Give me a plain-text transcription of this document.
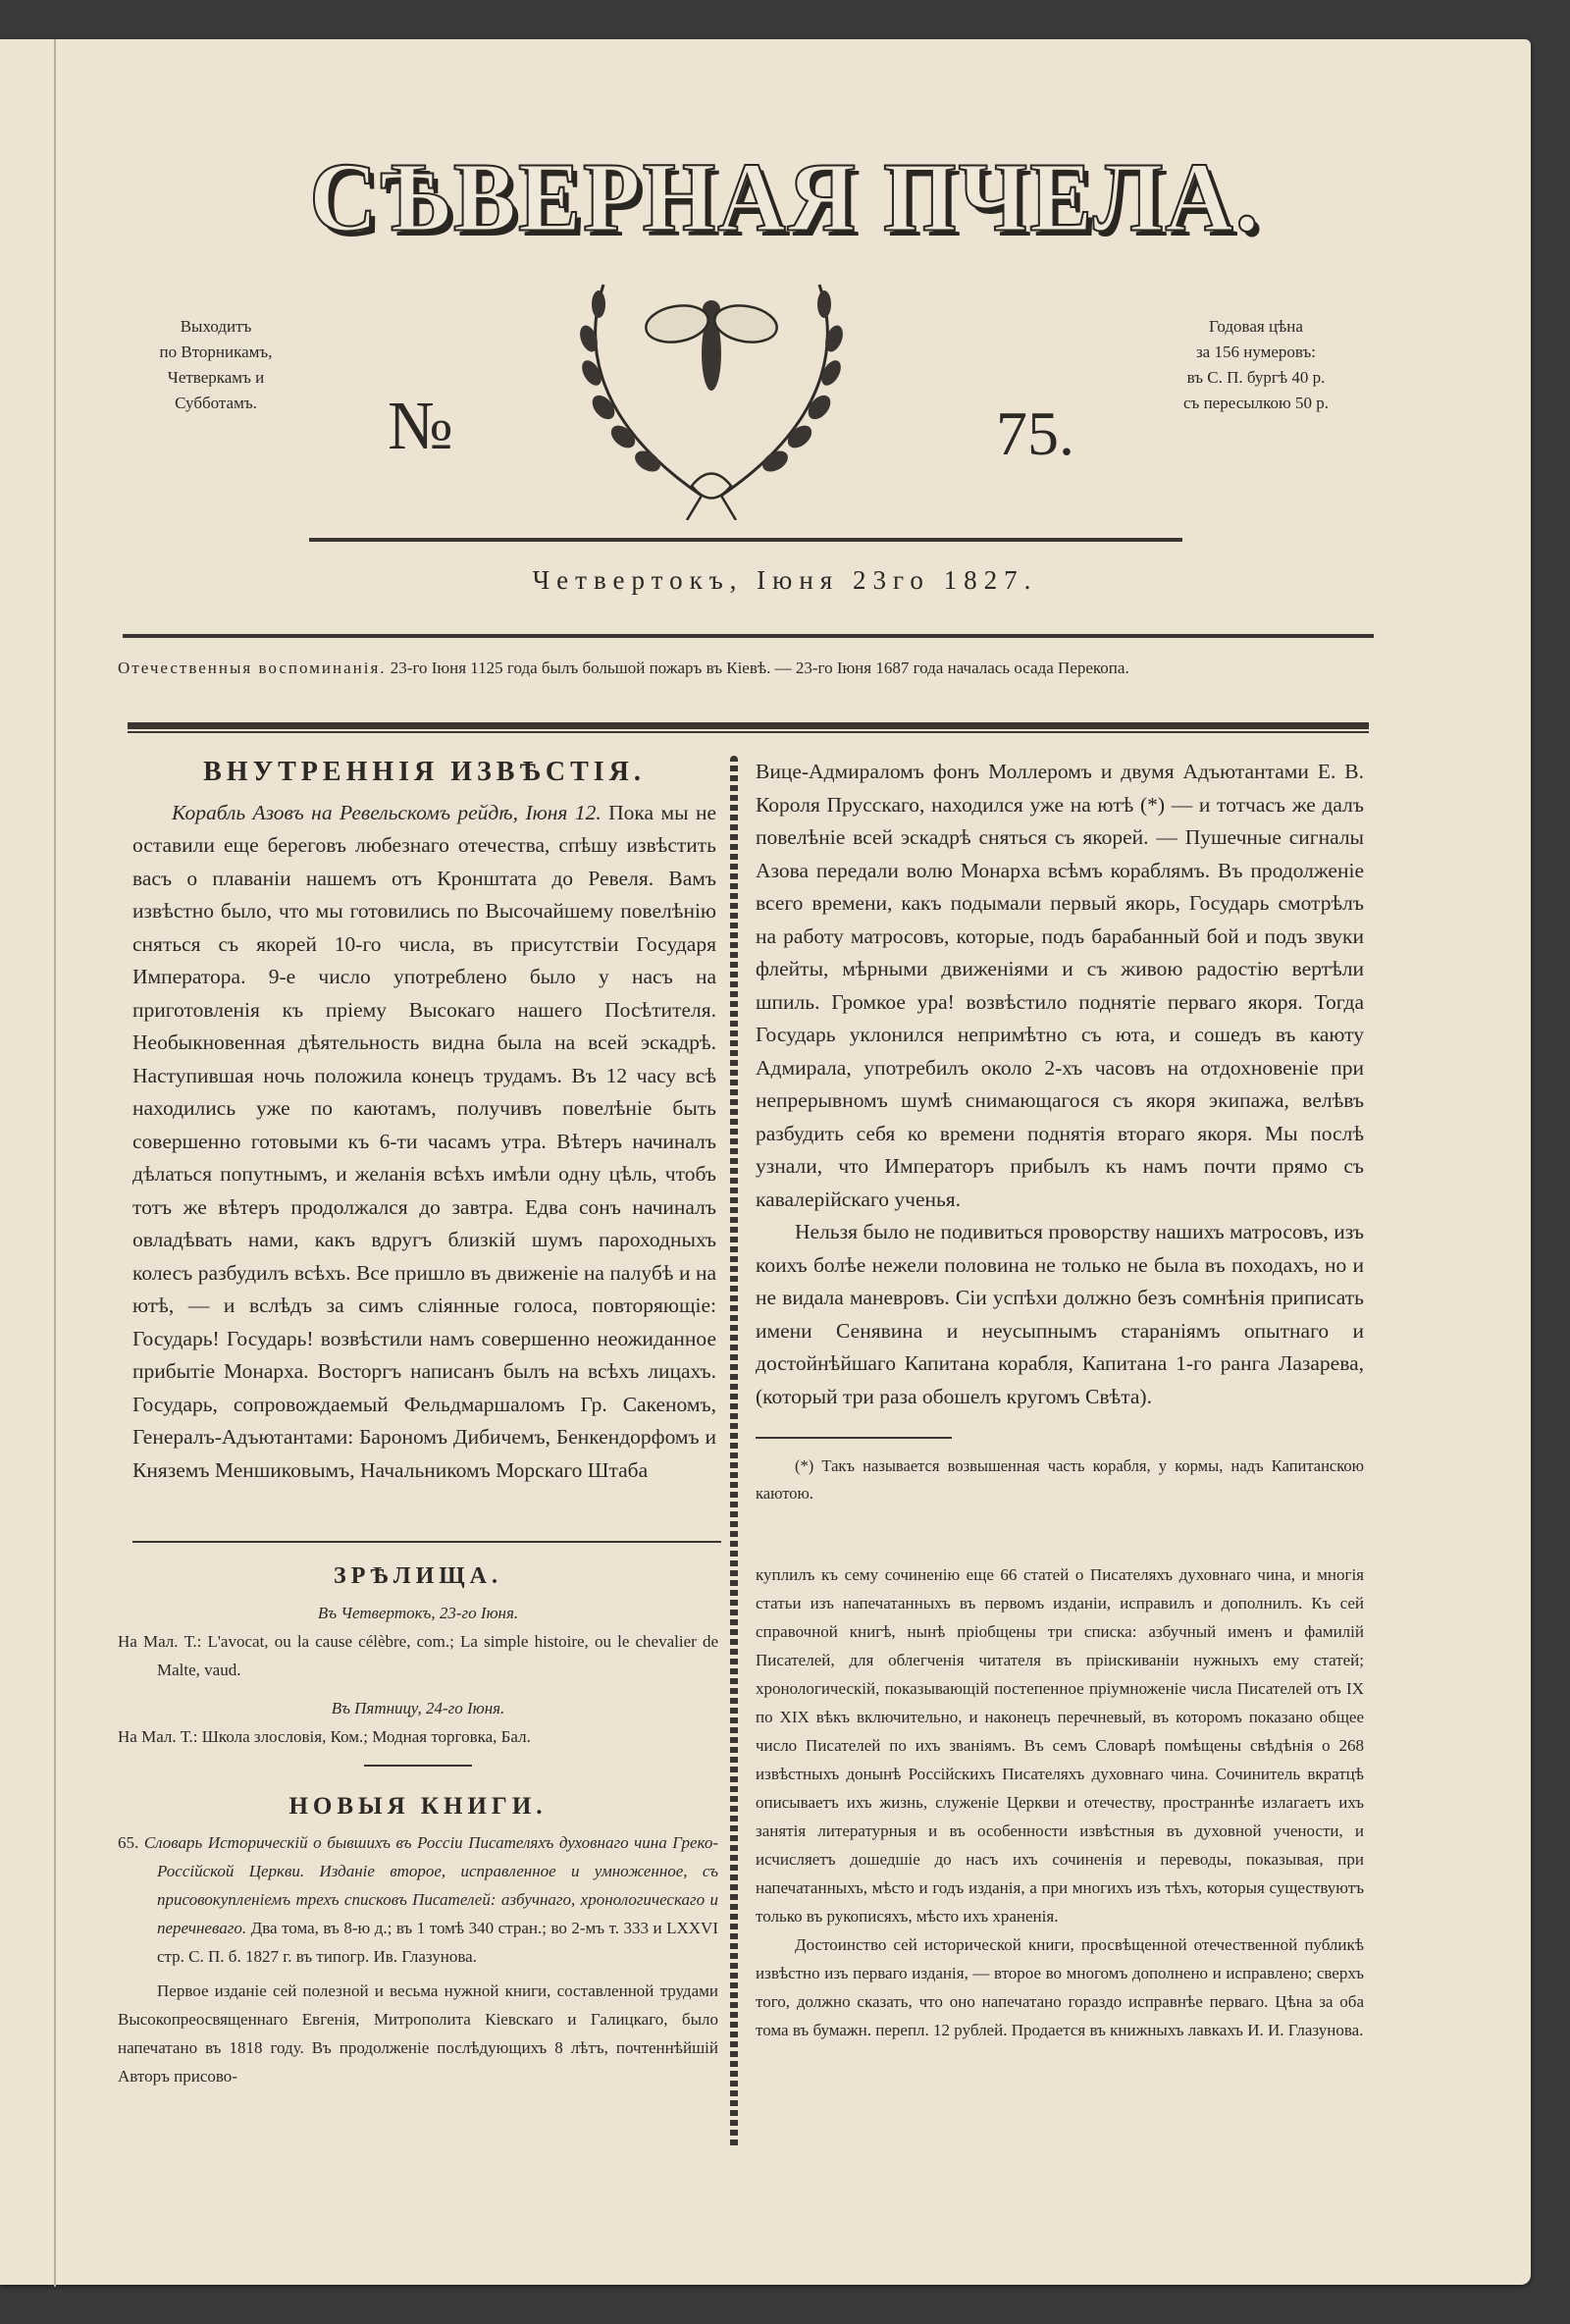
СѢВЕРНАЯ ПЧЕЛА.
Выходитъ
по Вторникамъ,
Четверкамъ и
Субботамъ.
Годовая цѣна
за 156 нумеровъ:
въ С. П. бургѣ 40 р.
съ пересылкою 50 р.
№	75.
Четвертокъ, Іюня 23го 1827.
Отечественныя воспоминанія. 23-го Іюня 1125 года былъ большой пожаръ въ Кіевѣ. — 23-го Іюня 1687 года началась осада Перекопа.
ВНУТРЕННІЯ ИЗВѢСТІЯ.

Корабль Азовъ на Ревельскомъ рейдѣ, Іюня 12. Пока мы не оставили еще береговъ любезнаго отечества, спѣшу извѣстить васъ о плаваніи нашемъ отъ Кронштата до Ревеля. Вамъ извѣстно было, что мы готовились по Высочайшему повелѣнію сняться съ якорей 10-го числа, въ присутствіи Государя Императора. 9-е число употреблено было у насъ на приготовленія къ пріему Высокаго нашего Посѣтителя. Необыкновенная дѣятельность видна была на всей эскадрѣ. Наступившая ночь положила конецъ трудамъ. Въ 12 часу всѣ находились уже по каютамъ, получивъ повелѣніе быть совершенно готовыми къ 6-ти часамъ утра. Вѣтеръ начиналъ дѣлаться попутнымъ, и желанія всѣхъ имѣли одну цѣль, чтобъ тотъ же вѣтеръ продолжался до завтра. Едва сонъ начиналъ овладѣвать нами, какъ вдругъ близкій шумъ пароходныхъ колесъ разбудилъ всѣхъ. Все пришло въ движеніе на палубѣ и на ютѣ, — и вслѣдъ за симъ сліянные голоса, повторяющіе: Государь! Государь! возвѣстили намъ совершенно неожиданное прибытіе Монарха. Восторгъ написанъ былъ на всѣхъ лицахъ. Государь, сопровождаемый Фельдмаршаломъ Гр. Сакеномъ, Генералъ-Адъютантами: Барономъ Дибичемъ, Бенкендорфомъ и Княземъ Меншиковымъ, Начальникомъ Морскаго Штаба

Вице-Адмираломъ фонъ Моллеромъ и двумя Адъютантами Е. В. Короля Прусскаго, находился уже на ютѣ (*) — и тотчасъ же далъ повелѣніе всей эскадрѣ сняться съ якорей. — Пушечные сигналы Азова передали волю Монарха всѣмъ кораблямъ. Въ продолженіе всего времени, какъ подымали первый якорь, Государь смотрѣлъ на работу матросовъ, которые, подъ барабанный бой и подъ звуки флейты, мѣрными движеніями и съ живою радостію вертѣли шпиль. Громкое ура! возвѣстило поднятіе перваго якоря. Тогда Государь уклонился непримѣтно съ юта, и сошедъ въ каюту Адмирала, употребилъ около 2-хъ часовъ на отдохновеніе при непрерывномъ шумѣ снимающагося съ якоря экипажа, велѣвъ разбудить себя ко времени поднятія втораго якоря. Мы послѣ узнали, что Императоръ прибылъ къ намъ почти прямо съ кавалерійскаго ученья.

Нельзя было не подивиться проворству нашихъ матросовъ, изъ коихъ болѣе нежели половина не только не была въ походахъ, но и не видала маневровъ. Сіи успѣхи должно безъ сомнѣнія приписать имени Сенявина и неусыпнымъ стараніямъ опытнаго и достойнѣйшаго Капитана корабля, Капитана 1-го ранга Лазарева, (который три раза обошелъ кругомъ Свѣта).

(*) Такъ называется возвышенная часть корабля, у кормы, надъ Капитанскою каютою.

ЗРѢЛИЩА.
Въ Четвертокъ, 23-го Іюня.
На Мал. Т.: L'avocat, ou la cause célèbre, com.; La simple histoire, ou le chevalier de Malte, vaud.
Въ Пятницу, 24-го Іюня.
На Мал. Т.: Школа злословія, Ком.; Модная торговка, Бал.
НОВЫЯ КНИГИ.
65. Словарь Историческій о бывшихъ въ Россіи Писателяхъ духовнаго чина Греко-Россійской Церкви. Изданіе второе, исправленное и умноженное, съ присовокупленіемъ трехъ списковъ Писателей: азбучнаго, хронологическаго и перечневаго. Два тома, въ 8-ю д.; въ 1 томѣ 340 стран.; во 2-мъ т. 333 и LXXVI стр. С. П. б. 1827 г. въ типогр. Ив. Глазунова.

Первое изданіе сей полезной и весьма нужной книги, составленной трудами Высокопреосвященнаго Евгенія, Митрополита Кіевскаго и Галицкаго, было напечатано въ 1818 году. Въ продолженіе послѣдующихъ 8 лѣтъ, почтеннѣйшій Авторъ присово-

куплилъ къ сему сочиненію еще 66 статей о Писателяхъ духовнаго чина, и многія статьи изъ напечатанныхъ въ первомъ изданіи, исправилъ и дополнилъ. Къ сей справочной книгѣ, нынѣ пріобщены три списка: азбучный именъ и фамилій Писателей, для облегченія читателя въ пріискиваніи нужныхъ ему статей; хронологическій, показывающій постепенное пріумноженіе числа Писателей отъ IX по XIX вѣкъ включительно, и наконецъ перечневый, въ которомъ показано общее число Писателей по ихъ званіямъ. Въ семъ Словарѣ помѣщены свѣдѣнія о 268 извѣстныхъ донынѣ Россійскихъ Писателяхъ духовнаго чина. Сочинитель вкратцѣ описываетъ ихъ жизнь, служеніе Церкви и отечеству, пространнѣе излагаетъ ихъ занятія литературныя и въ особенности извѣстныя въ духовной учености, и исчисляетъ дошедшіе до насъ ихъ сочиненія и переводы, показывая, при напечатанныхъ, мѣсто и годъ изданія, а при многихъ изъ тѣхъ, которыя существуютъ только въ рукописяхъ, мѣсто ихъ храненія.

Достоинство сей исторической книги, просвѣщенной отечественной публикѣ извѣстно изъ перваго изданія, — второе во многомъ дополнено и исправлено; сверхъ того, должно сказать, что оно напечатано гораздо исправнѣе перваго. Цѣна за оба тома въ бумажн. перепл. 12 рублей. Продается въ книжныхъ лавкахъ И. И. Глазунова.
